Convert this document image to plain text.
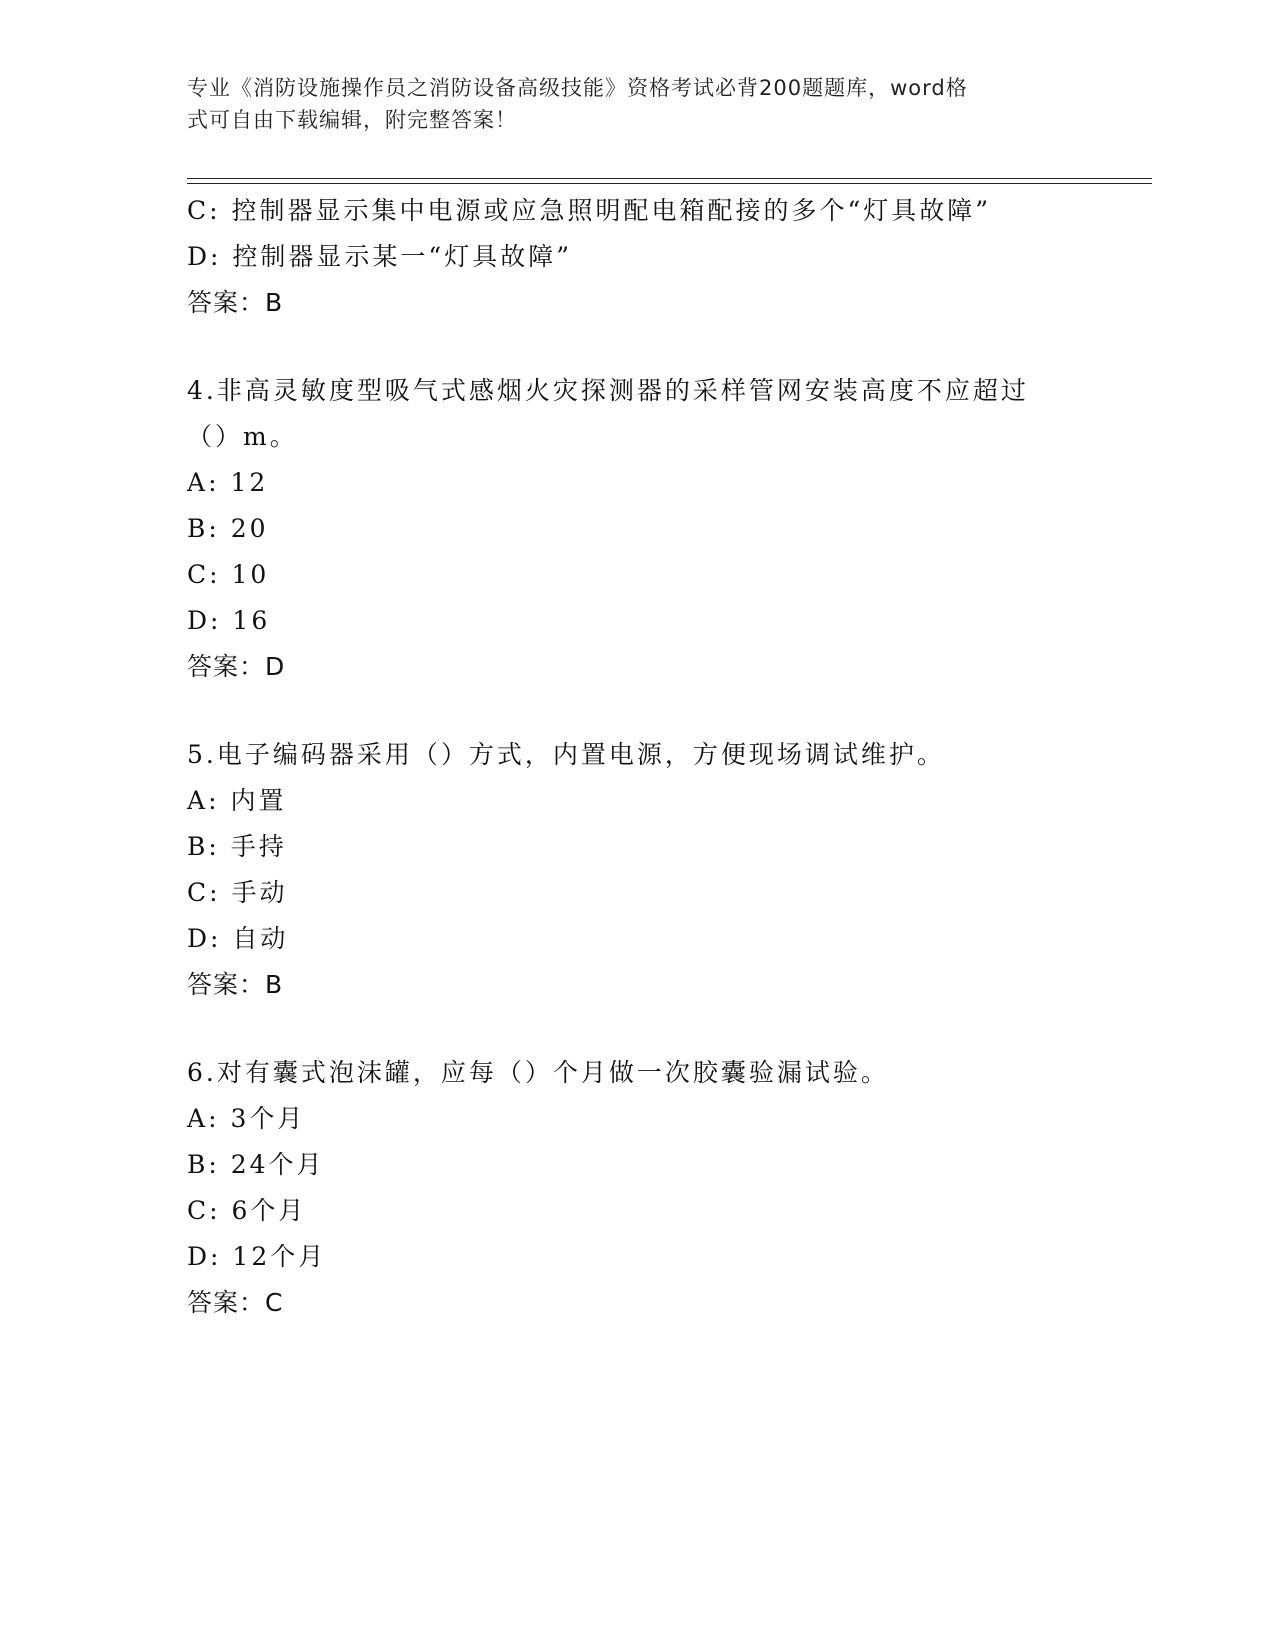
专业《消防设施操作员之消防设备高级技能》资格考试必背200题题库，word格
式可自由下载编辑，附完整答案！
C: 控制器显示集中电源或应急照明配电箱配接的多个“灯具故障”
D: 控制器显示某一“灯具故障”
答案：B
4.非高灵敏度型吸气式感烟火灾探测器的采样管网安装高度不应超过
（）m。
A: 12
B: 20
C: 10
D: 16
答案：D
5.电子编码器采用（）方式，内置电源，方便现场调试维护。
A: 内置
B: 手持
C: 手动
D: 自动
答案：B
6.对有囊式泡沫罐，应每（）个月做一次胶囊验漏试验。
A: 3个月
B: 24个月
C: 6个月
D: 12个月
答案：C
